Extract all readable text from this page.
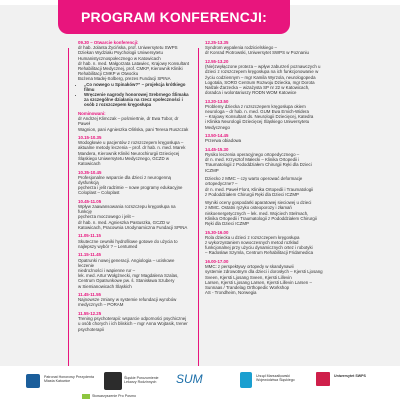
PROGRAM KONFERENCJI:
09.30 – Otwarcie konferencji:
dr hab. Jolanta Życińska, prof. Uniwersytetu SWPS
Dziekan Wydziału Psychologii Uniwersytetu
Humanistycznospołecznego w Katowicach
dr hab. n. med. Małgorzata Latawiec, Krajowy Konsultant
Rehabilitacji Medycznej, prof. CMKP, Kierownik Kliniki
Rehabilitacji CMKP w Otwocku
Bożena Madej-Solberg, prezes Fundacji SPINA
• „Co nowego u Spinaków?” – projekcja krótkiego filmu
• Wręczenie nagrody honorowej Srebrnego Ślimaka za szczególne działania na rzecz społeczności i osób z rozszczepem kręgosłupa
Nominowani:
dr Andrzej Klimczak – pośmiertnie, dr Ewa Tobor, dr Paweł
Wagnion, pani Agnieszka Olińska, pani Teresa Ruszczak
10.15-10.35
Wodogłowie u pacjentów z rozszczepem kręgosłupa –
aktualne metody leczenia – prof. dr hab. n. med. Marek
Mandera, Kierownik Kliniki Neurochirurgii Dziecięcej
Śląskiego Uniwersytetu Medycznego, GCZD w Katowicach
10.35-10.45
Profesjonalne wsparcie dla dzieci z neurogenną dysfunkcją
pęcherza i jelit radzimie – nowe programy edukacyjne
Coloplast – Coloplast
10.45-11.05
Wpływ zaawansowania rozszczepu kręgosłupa na funkcję
pęcherza moczowego i jelit –
dr hab. n. med. Agnieszka Pastuszka, GCZD w
Katowicach, Pracownia Urodynamiczna Fundacji SPINA
11.05-11.15
Skuteczne cewniki hydrofilowe gotowe do użycia to
najlepszy wybór ? – Lentumed
11.15-11.45
Opatrunki nowej generacji. Angiologia – uciskowe leczenie
niedrożności i wapienne rur –
lek. med. Artur Wołgżnecki, mgr Magdalena Szalas,
Centrum Opatrunkowe pw. ś. Stanisława Szubery
w Siemianowicach Śląskich
11.45-11.55
Najnowsze zmiany w systemie refundacji wyrobów
medycznych – PORAM
11.55-12.25
Trening psychoterapii: wsparcie odporności psychicznej
u osób chorych i ich bliskich – mgr Anna Wojtasik, trener
psychoterapii
12.25-13.35
Syndrom wypalenia rodzicielskiego –
dr Konrad Piotrowski, Uniwersytet SWPS w Poznaniu
12.55-13.20
(Nie)zwyłączone proteza – wpływ zaburzeń poznawczych u
dzieci z rozszczepem kręgosłupa na ich funkcjonowanie w
życiu codziennym – mgr Kamila Wyrzola, neurologopeda
Logotala, SORO Centrum Rozwoju Dziecka, mgr Dorota
Nałżak-Żarzecka – wizażysta SP nr 22 w Katowicach,
doradca i wolontariuszy RODN WOM Katowice
13.20-13.50
Problemy dziecka z rozszczepem kręgosłupa okiem
neurologa – dr hab. n. med. GUM Ewa Emich-Widera
– Krajowy Konsultant ds. Neurologii Dziecięcej, Katedra
i Klinika Neurologii Dziecięcej Śląskiego Uniwersytetu
Medycznego
13.50-14.45
Przerwa obiadowa
14.45-15.30
Rysiko leczenia operacyjnego ortopedycznego –
dr n. med. Krzysztof Małecki – Klinika Ortopedii i
Traumatologii z Pododdziałem Chirurgii Ręki dla Dzieci
ICZMP
Dziecko z MMC – czy warto operować deformacje
ortopedyczne? –
dr n. med. Paweł Flont, Klinika Ortopedii i Traumatologii
z Pododdziałem Chirurgii Ręki dla Dzieci ICZMP
Wyniki oceny gospodarki aparatowej sieciowej u dzieci
z MMC. Ostatni ryzyko osteoporozy i złamań
niskoenergetycznych – lek. med. Wojciech Stelmach,
Klinika Ortopedii i Traumatologii z Pododdziałem Chirurgii
Ręki dla Dzieci ICZMP
15.30-16.00
Rola dziecka u dzieci z rozszczepem kręgosłupa
z wykorzystaniem nowoczesnych metod rozkład
funkcjonalnej przy użyciu dynamicznych ortez i robotyki
– Radosław Szymla, Centrum Rehabilitacji Fridamedica
16.00-17.00
MMC: z perspektywy ortopedy w skandynawii
systemie zdrowotnym dla dzieci i dorosłych – Kjersti Ljosang
Sveen, Kjersti Ljosang Sveen, Kjersti Lillevin
Larsen, Kjersti Ljosang Larsen, Kjersti Lillevin Larsen – Sunnaas / Trandelag Orthopedic Workshop
AS - Trondheim, Norwegia
Patronat Honorowy Prezydenta Miasta Katowice
Śląskie Porozumienie Lekarzy Rodzinnych	SUM	Urząd Marszałkowski Województwa Śląskiego
Uniwersytet SWPS
Stowarzyszenie Pro Posmo
